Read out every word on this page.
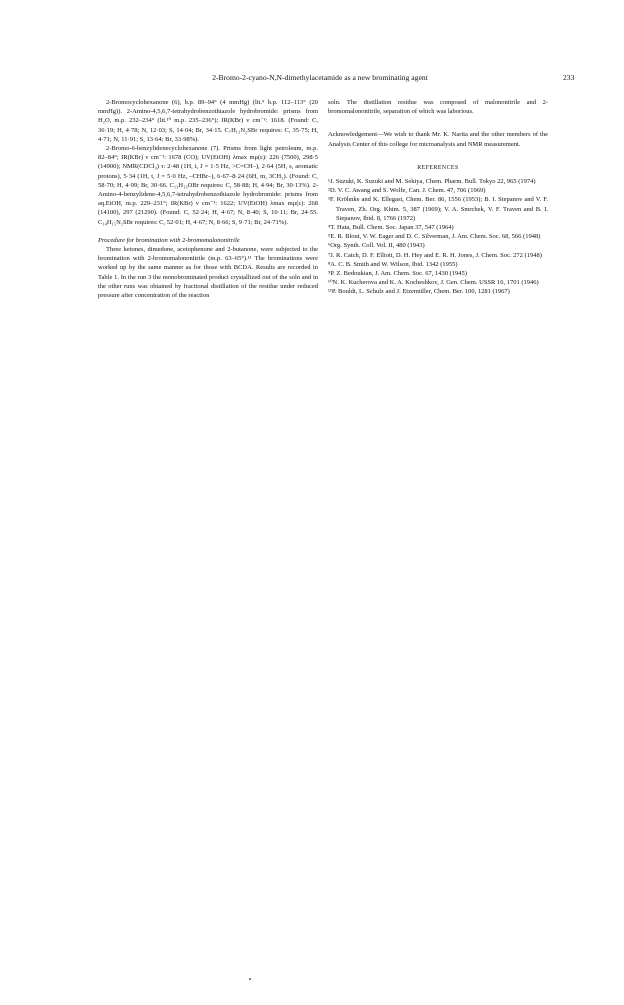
2-Bromo-2-cyano-N,N-dimethylacetamide as a new brominating agent	233

2-Bromocyclohexanone (6), b.p. 89–94° (4 mmHg) (lit.⁹ b.p. 112–113° (20 mmHg)). 2-Amino-4,5,6,7-tetrahydrobenzothiazole hydrobromide: prisms from H₂O, m.p. 232–234° (lit.¹⁰ m.p. 235–236°); IR(KBr) ν cm⁻¹: 1618. (Found: C, 36·19; H, 4·78; N, 12·03; S, 14·04; Br, 34·15. C₇H₁₁N₂SBr requires: C, 35·75; H, 4·71; N, 11·91; S, 13·64; Br, 33·98%).

2-Bromo-6-benzylidenecyclohexanone (7). Prisms from light petroleum, m.p. 82–84°; IR(KBr) ν cm⁻¹: 1678 (CO); UV(EtOH) λmax mμ(ε): 226 (7500), 298·5 (14900); NMR(CDCl₃) τ: 2·48 (1H, t, J = 1·5 Hz, >C=CH–), 2·64 (5H, s, aromatic protons), 5·34 (1H, t, J = 5·0 Hz, –CHBr–), 6·67–8·24 (6H, m, 3CH₂). (Found: C, 58·70; H, 4·99; Br, 30·66. C₁₃H₁₃OBr requires: C, 58·88; H, 4·94; Br, 30·13%). 2-Amino-4-benzylidene-4,5,6,7-tetrahydrobenzothiazole hydrobromide: prisms from aq.EtOH, m.p. 229–231°; IR(KBr) ν cm⁻¹: 1622; UV(EtOH) λmax mμ(ε): 268 (14100), 297 (21290). (Found: C, 52·24; H, 4·67; N, 8·40; S, 10·11; Br, 24·55. C₁₄H₁₅N₂SBr requires: C, 52·01; H, 4·67; N, 8·66; S, 9·71; Br, 24·71%).

Procedure for bromination with 2-bromomalononitrile

Three ketones, dimedone, acetophenone and 2-butanone, were subjected to the bromination with 2-bromomalononitrile (m.p. 63–65°).¹¹ The brominations were worked up by the same manner as for those with BCDA. Results are recorded in Table 1. In the run 3 the monobrominated product crystallized out of the soln and in the other runs was obtained by fractional distillation of the residue under reduced pressure after concentration of the reaction

soln. The distillation residue was composed of malononitrile and 2-bromomalononitrile, separation of which was laborious.

Acknowledgement—We wish to thank Mr. K. Narita and the other members of the Analysis Center of this college for microanalysis and NMR measurement.

REFERENCES

¹J. Suzuki, K. Suzuki and M. Sekiya, Chem. Pharm. Bull. Tokyo 22, 965 (1974)

²D. V. C. Awang and S. Wolfe, Can. J. Chem. 47, 706 (1969)

³F. Kröhnke and K. Ellegast, Chem. Ber. 86, 1556 (1953); B. I. Stepanov and V. F. Traven, Zh. Org. Khim. 5, 387 (1969); V. A. Smrchek, V. F. Traven and B. I. Stepanov, Ibid. 8, 1766 (1972)

⁴T. Hata, Bull. Chem. Soc. Japan 37, 547 (1964)

⁵E. R. Blout, V. W. Eager and D. C. Silverman, J. Am. Chem. Soc. 68, 566 (1948)

⁶Org. Synth. Coll. Vol. II, 480 (1943)

⁷J. R. Catch, D. F. Elliott, D. H. Hey and E. R. H. Jones, J. Chem. Soc. 272 (1948)

⁸A. C. B. Smith and W. Wilson, Ibid. 1342 (1955)

⁹P. Z. Bedoukian, J. Am. Chem. Soc. 67, 1430 (1945)

¹⁰N. K. Kucherova and K. A. Kocheshkov, J. Gen. Chem. USSR 16, 1701 (1946)

¹¹P. Bouldt, L. Schulz and J. Etzemüller, Chem. Ber. 100, 1281 (1967)
